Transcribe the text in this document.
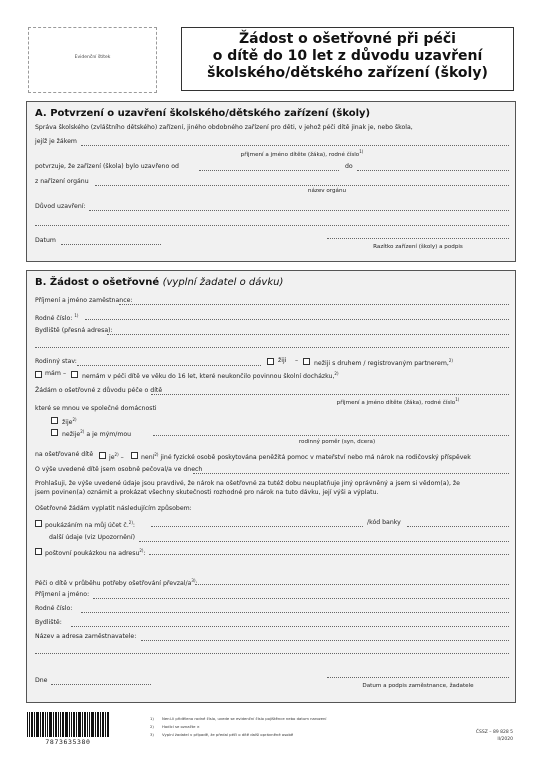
Evidenční štítek
Žádost o ošetřovné při péči
o dítě do 10 let z důvodu uzavření
školského/dětského zařízení (školy)
A. Potvrzení o uzavření školského/dětského zařízení (školy)
Správa školského (zvláštního dětského) zařízení, jiného obdobného zařízení pro děti, v jehož péči dítě jinak je, nebo škola,
jejíž je žákem
příjmení a jméno dítěte (žáka), rodné číslo$^{1)}$
potvrzuje, že zařízení (škola) bylo uzavřeno od	do
z nařízení orgánu
název orgánu
Důvod uzavření:
Datum
Razítko zařízení (školy) a podpis
B. Žádost o ošetřovné (vyplní žadatel o dávku)
Příjmení a jméno zaměstnance:
Rodné číslo: $^{1)}$
Bydliště (přesná adresa):
Rodinný stav:	žiji –	nežiji s druhem / registrovaným partnerem,$^{2)}$
mám –	nemám v péči dítě ve věku do 16 let, které neukončilo povinnou školní docházku,$^{2)}$
Žádám o ošetřovné z důvodu péče o dítě
příjmení a jméno dítěte (žáka), rodné číslo$^{1)}$
které se mnou ve společné domácnosti
žije$^{2)}$
nežije$^{2)}$ a je mým/mou
rodinný poměr (syn, dcera)
na ošetřované dítě	$je^{2)}$ –	není$^{2)}$ jiné fyzické osobě poskytována peněžitá pomoc v mateřství nebo má nárok na rodičovský příspěvek
O výše uvedené dítě jsem osobně pečoval/a ve dnech
Prohlašuji, že výše uvedené údaje jsou pravdivé, že nárok na ošetřovné za tutéž dobu neuplatňuje jiný oprávněný a jsem si vědom(a), že
jsem povinen(a) oznámit a prokázat všechny skutečnosti rozhodné pro nárok na tuto dávku, její výši a výplatu.
Ošetřovné žádám vyplatit následujícím způsobem:
poukázáním na můj účet č.$^{2)}$:	/kód banky
další údaje (viz Upozornění)
poštovní poukázkou na adresu$^{2)}$:
Péči o dítě v průběhu potřeby ošetřování převzal/$a^{3)}$:
Příjmení a jméno:
Rodné číslo:
Bydliště:
Název a adresa zaměstnavatele:
Dne
Datum a podpis zaměstnance, žadatele
7873635380
1) Není-li přiděleno rodné číslo, uvede se evidenční číslo pojištěnce nebo datum narození
2) Hodící se označte ×
3) Vyplní žadatel v případě, že předal péči o dítě další oprávněné osobě	ČSSZ – 89 828 5
II/2020
